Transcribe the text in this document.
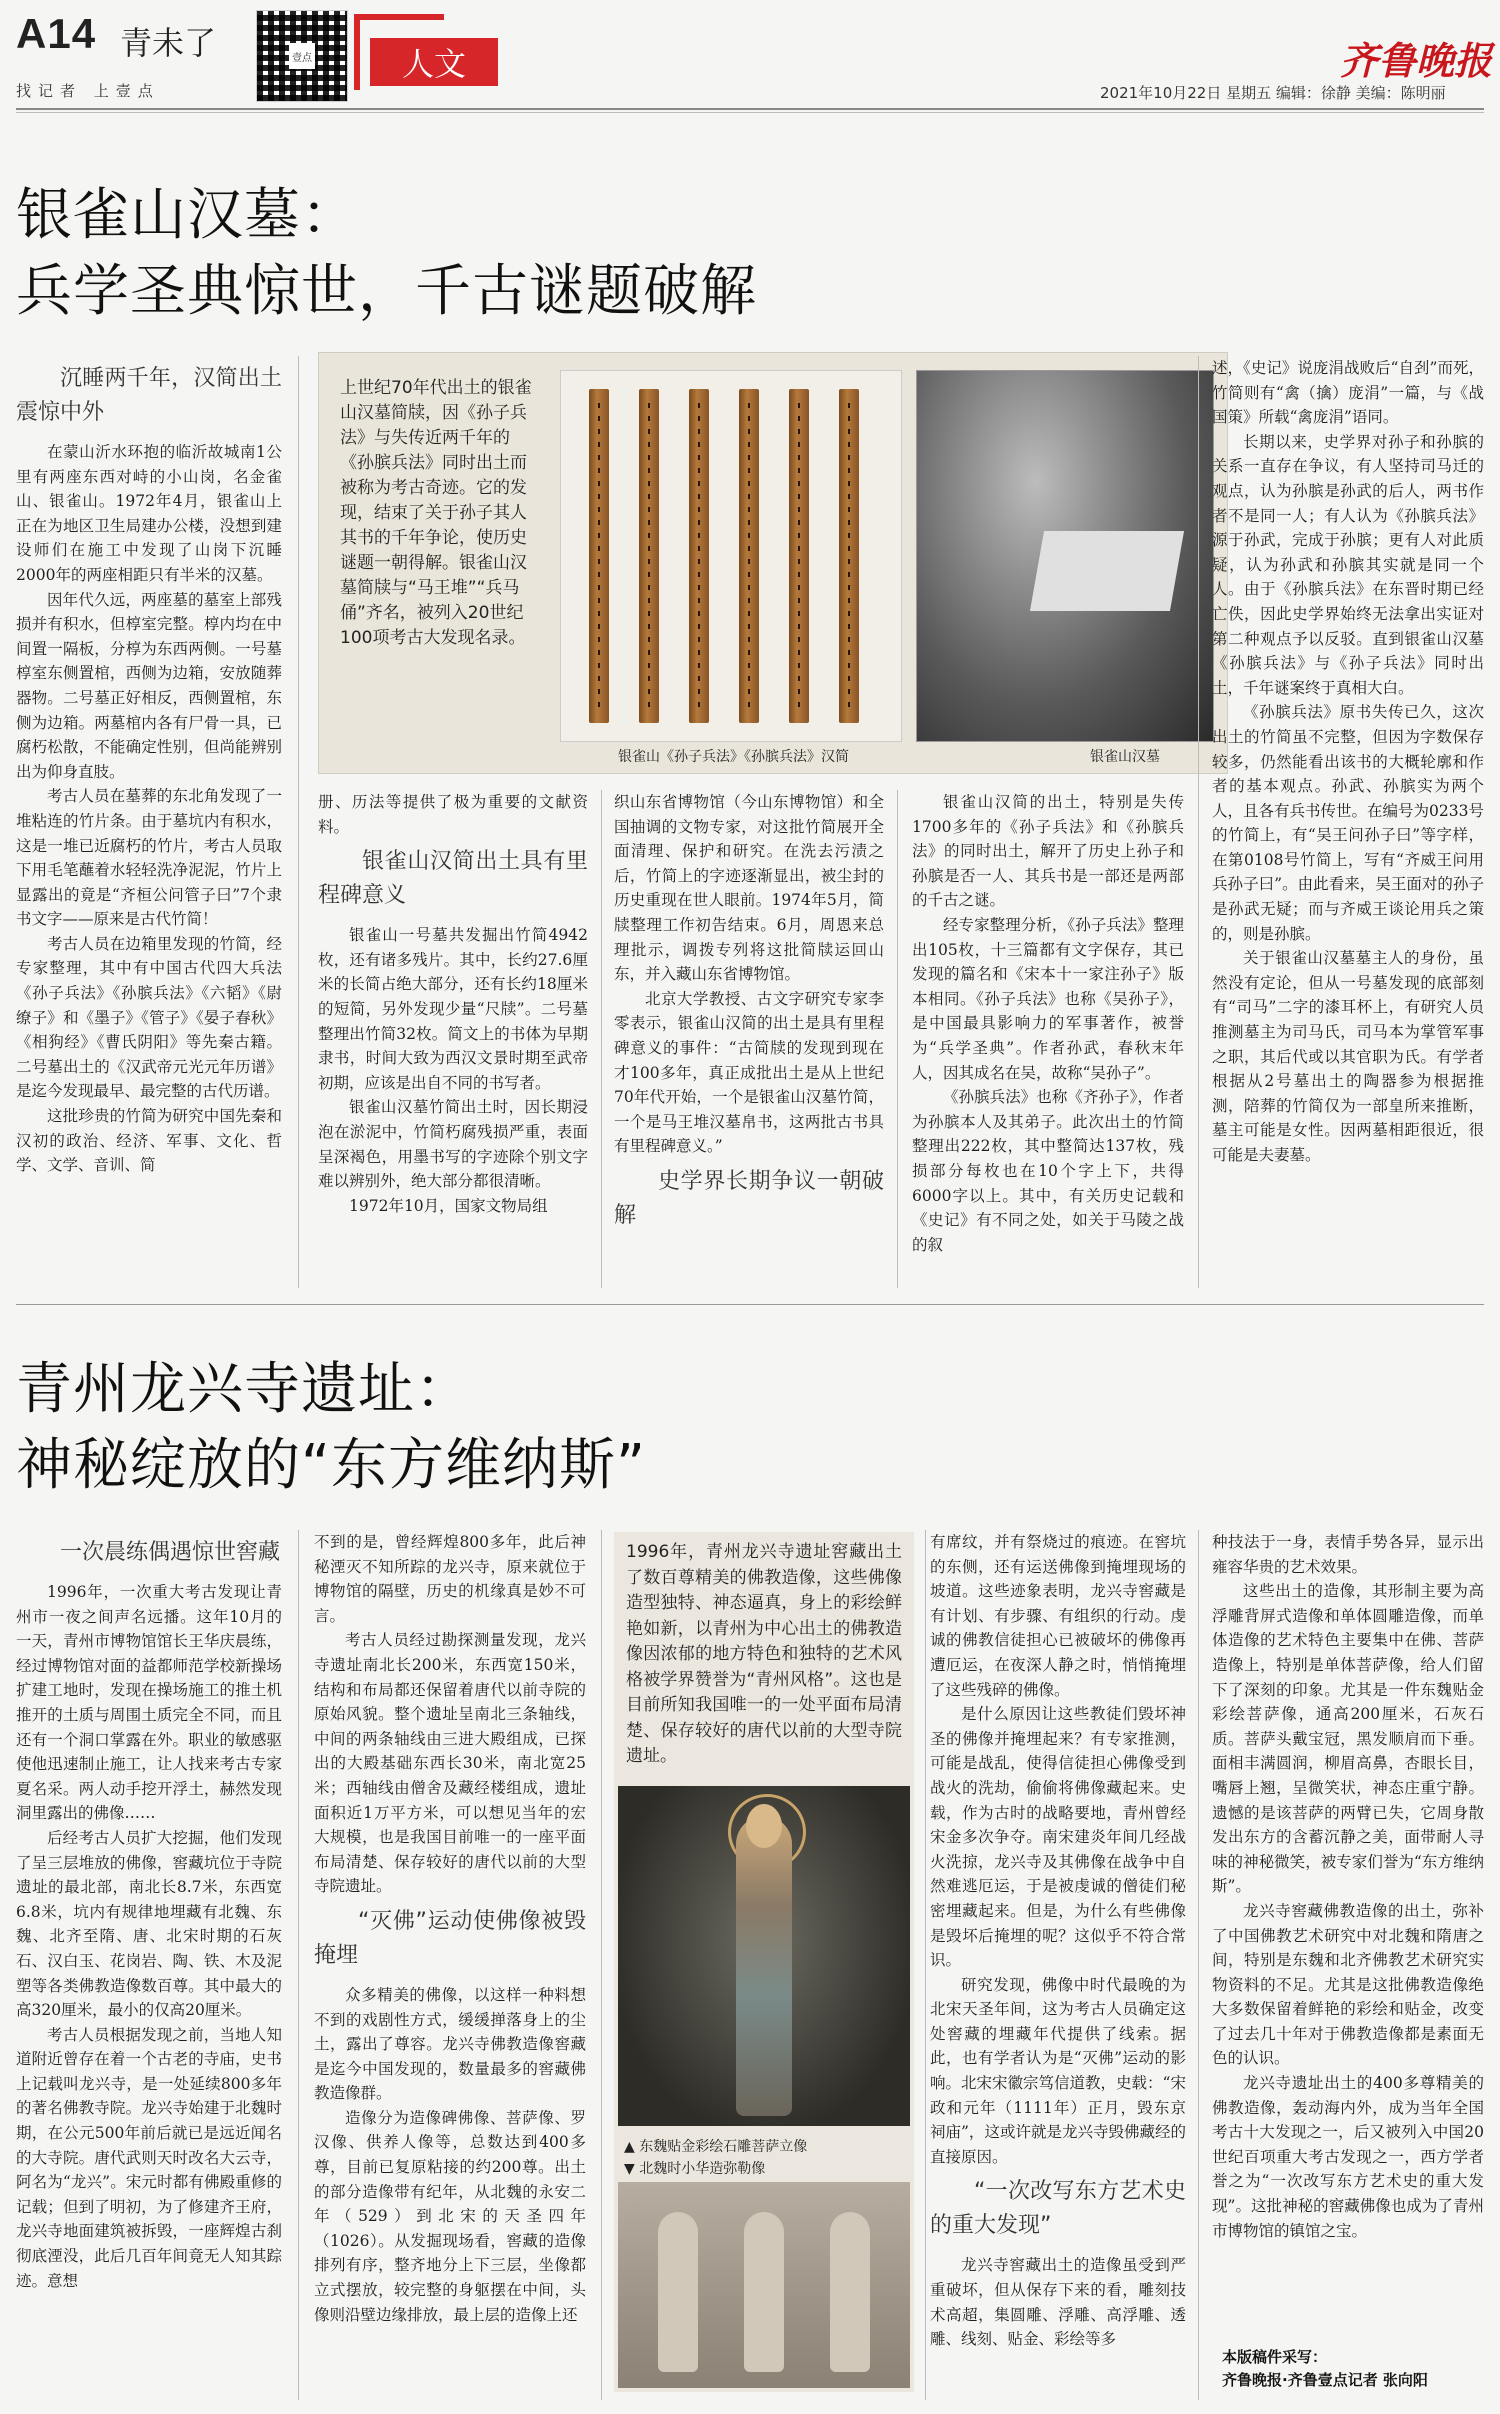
A14 青未了
找记者 上壹点
壹点	人文	齐鲁晚报
2021年10月22日 星期五 编辑：徐静 美编：陈明丽
银雀山汉墓：
兵学圣典惊世，千古谜题破解
沉睡两千年，汉简出土震惊中外

在蒙山沂水环抱的临沂故城南1公里有两座东西对峙的小山岗，名金雀山、银雀山。1972年4月，银雀山上正在为地区卫生局建办公楼，没想到建设师们在施工中发现了山岗下沉睡2000年的两座相距只有半米的汉墓。

因年代久远，两座墓的墓室上部残损并有积水，但椁室完整。椁内均在中间置一隔板，分椁为东西两侧。一号墓椁室东侧置棺，西侧为边箱，安放随葬器物。二号墓正好相反，西侧置棺，东侧为边箱。两墓棺内各有尸骨一具，已腐朽松散，不能确定性别，但尚能辨别出为仰身直肢。

考古人员在墓葬的东北角发现了一堆粘连的竹片条。由于墓坑内有积水，这是一堆已近腐朽的竹片，考古人员取下用毛笔蘸着水轻轻洗净泥泥，竹片上显露出的竟是“齐桓公问管子曰”7个隶书文字——原来是古代竹简！

考古人员在边箱里发现的竹简，经专家整理，其中有中国古代四大兵法《孙子兵法》《孙膑兵法》《六韬》《尉缭子》和《墨子》《管子》《晏子春秋》《相狗经》《曹氏阴阳》等先秦古籍。二号墓出土的《汉武帝元光元年历谱》是迄今发现最早、最完整的古代历谱。

这批珍贵的竹简为研究中国先秦和汉初的政治、经济、军事、文化、哲学、文学、音训、简

上世纪70年代出土的银雀山汉墓简牍，因《孙子兵法》与失传近两千年的《孙膑兵法》同时出土而被称为考古奇迹。它的发现，结束了关于孙子其人其书的千年争论，使历史谜题一朝得解。银雀山汉墓简牍与“马王堆”“兵马俑”齐名，被列入20世纪100项考古大发现名录。
银雀山《孙子兵法》《孙膑兵法》汉简	银雀山汉墓

册、历法等提供了极为重要的文献资料。

银雀山汉简出土具有里程碑意义

银雀山一号墓共发掘出竹简4942枚，还有诸多残片。其中，长约27.6厘米的长简占绝大部分，还有长约18厘米的短简，另外发现少量“尺牍”。二号墓整理出竹简32枚。简文上的书体为早期隶书，时间大致为西汉文景时期至武帝初期，应该是出自不同的书写者。

银雀山汉墓竹简出土时，因长期浸泡在淤泥中，竹简朽腐残损严重，表面呈深褐色，用墨书写的字迹除个别文字难以辨别外，绝大部分都很清晰。

1972年10月，国家文物局组

织山东省博物馆（今山东博物馆）和全国抽调的文物专家，对这批竹简展开全面清理、保护和研究。在洗去污渍之后，竹简上的字迹逐渐显出，被尘封的历史重现在世人眼前。1974年5月，简牍整理工作初告结束。6月，周恩来总理批示，调拨专列将这批简牍运回山东，并入藏山东省博物馆。

北京大学教授、古文字研究专家李零表示，银雀山汉简的出土是具有里程碑意义的事件：“古简牍的发现到现在才100多年，真正成批出土是从上世纪70年代开始，一个是银雀山汉墓竹简，一个是马王堆汉墓帛书，这两批古书具有里程碑意义。”

史学界长期争议一朝破解

银雀山汉简的出土，特别是失传1700多年的《孙子兵法》和《孙膑兵法》的同时出土，解开了历史上孙子和孙膑是否一人、其兵书是一部还是两部的千古之谜。

经专家整理分析，《孙子兵法》整理出105枚，十三篇都有文字保存，其已发现的篇名和《宋本十一家注孙子》版本相同。《孙子兵法》也称《吴孙子》，是中国最具影响力的军事著作，被誉为“兵学圣典”。作者孙武，春秋末年人，因其成名在吴，故称“吴孙子”。

《孙膑兵法》也称《齐孙子》，作者为孙膑本人及其弟子。此次出土的竹简整理出222枚，其中整简达137枚，残损部分每枚也在10个字上下，共得6000字以上。其中，有关历史记载和《史记》有不同之处，如关于马陵之战的叙

述，《史记》说庞涓战败后“自刭”而死，竹简则有“禽（擒）庞涓”一篇，与《战国策》所载“禽庞涓”语同。

长期以来，史学界对孙子和孙膑的关系一直存在争议，有人坚持司马迁的观点，认为孙膑是孙武的后人，两书作者不是同一人；有人认为《孙膑兵法》源于孙武，完成于孙膑；更有人对此质疑，认为孙武和孙膑其实就是同一个人。由于《孙膑兵法》在东晋时期已经亡佚，因此史学界始终无法拿出实证对第二种观点予以反驳。直到银雀山汉墓《孙膑兵法》与《孙子兵法》同时出土，千年谜案终于真相大白。

《孙膑兵法》原书失传已久，这次出土的竹简虽不完整，但因为字数保存较多，仍然能看出该书的大概轮廓和作者的基本观点。孙武、孙膑实为两个人，且各有兵书传世。在编号为0233号的竹简上，有“吴王问孙子曰”等字样，在第0108号竹简上，写有“齐威王问用兵孙子曰”。由此看来，吴王面对的孙子是孙武无疑；而与齐威王谈论用兵之策的，则是孙膑。

关于银雀山汉墓墓主人的身份，虽然没有定论，但从一号墓发现的底部刻有“司马”二字的漆耳杯上，有研究人员推测墓主为司马氏，司马本为掌管军事之职，其后代或以其官职为氏。有学者根据从2号墓出土的陶器参为根据推测，陪葬的竹简仅为一部皇所来推断，墓主可能是女性。因两墓相距很近，很可能是夫妻墓。

青州龙兴寺遗址：
神秘绽放的“东方维纳斯”
一次晨练偶遇惊世窖藏

1996年，一次重大考古发现让青州市一夜之间声名远播。这年10月的一天，青州市博物馆馆长王华庆晨练，经过博物馆对面的益都师范学校新操场扩建工地时，发现在操场施工的推土机推开的土质与周围土质完全不同，而且还有一个洞口掌露在外。职业的敏感驱使他迅速制止施工，让人找来考古专家夏名采。两人动手挖开浮土，赫然发现洞里露出的佛像……

后经考古人员扩大挖掘，他们发现了呈三层堆放的佛像，窖藏坑位于寺院遗址的最北部，南北长8.7米，东西宽6.8米，坑内有规律地埋藏有北魏、东魏、北齐至隋、唐、北宋时期的石灰石、汉白玉、花岗岩、陶、铁、木及泥塑等各类佛教造像数百尊。其中最大的高320厘米，最小的仅高20厘米。

考古人员根据发现之前，当地人知道附近曾存在着一个古老的寺庙，史书上记载叫龙兴寺，是一处延续800多年的著名佛教寺院。龙兴寺始建于北魏时期，在公元500年前后就已是远近闻名的大寺院。唐代武则天时改名大云寺，阿名为“龙兴”。宋元时都有佛殿重修的记载；但到了明初，为了修建齐王府，龙兴寺地面建筑被拆毁，一座辉煌古刹彻底湮没，此后几百年间竟无人知其踪迹。意想

不到的是，曾经辉煌800多年，此后神秘湮灭不知所踪的龙兴寺，原来就位于博物馆的隔壁，历史的机缘真是妙不可言。

考古人员经过勘探测量发现，龙兴寺遗址南北长200米，东西宽150米，结构和布局都还保留着唐代以前寺院的原始风貌。整个遗址呈南北三条轴线，中间的两条轴线由三进大殿组成，已探出的大殿基础东西长30米，南北宽25米；西轴线由僧舍及藏经楼组成，遗址面积近1万平方米，可以想见当年的宏大规模，也是我国目前唯一的一座平面布局清楚、保存较好的唐代以前的大型寺院遗址。

“灭佛”运动使佛像被毁掩埋

众多精美的佛像，以这样一种料想不到的戏剧性方式，缓缓掸落身上的尘土，露出了尊容。龙兴寺佛教造像窖藏是迄今中国发现的，数量最多的窖藏佛教造像群。

造像分为造像碑佛像、菩萨像、罗汉像、供养人像等，总数达到400多尊，目前已复原粘接的约200尊。出土的部分造像带有纪年，从北魏的永安二年（529）到北宋的天圣四年（1026）。从发掘现场看，窖藏的造像排列有序，整齐地分上下三层，坐像都立式摆放，较完整的身躯摆在中间，头像则沿壁边缘排放，最上层的造像上还

1996年，青州龙兴寺遗址窖藏出土了数百尊精美的佛教造像，这些佛像造型独特、神态逼真，身上的彩绘鲜艳如新，以青州为中心出土的佛教造像因浓郁的地方特色和独特的艺术风格被学界赞誉为“青州风格”。这也是目前所知我国唯一的一处平面布局清楚、保存较好的唐代以前的大型寺院遗址。
▲ 东魏贴金彩绘石雕菩萨立像
▼ 北魏时小华造弥勒像

有席纹，并有祭烧过的痕迹。在窖坑的东侧，还有运送佛像到掩埋现场的坡道。这些迹象表明，龙兴寺窖藏是有计划、有步骤、有组织的行动。虔诚的佛教信徒担心已被破坏的佛像再遭厄运，在夜深人静之时，悄悄掩埋了这些残碎的佛像。

是什么原因让这些教徒们毁坏神圣的佛像并掩埋起来？有专家推测，可能是战乱，使得信徒担心佛像受到战火的洗劫，偷偷将佛像藏起来。史载，作为古时的战略要地，青州曾经宋金多次争夺。南宋建炎年间几经战火洗掠，龙兴寺及其佛像在战争中自然难逃厄运，于是被虔诚的僧徒们秘密埋藏起来。但是，为什么有些佛像是毁坏后掩埋的呢？这似乎不符合常识。

研究发现，佛像中时代最晚的为北宋天圣年间，这为考古人员确定这处窖藏的埋藏年代提供了线索。据此，也有学者认为是“灭佛”运动的影响。北宋宋徽宗笃信道教，史载：“宋政和元年（1111年）正月，毁东京祠庙”，这或许就是龙兴寺毁佛藏经的直接原因。

“一次改写东方艺术史的重大发现”

龙兴寺窖藏出土的造像虽受到严重破坏，但从保存下来的看，雕刻技术高超，集圆雕、浮雕、高浮雕、透雕、线刻、贴金、彩绘等多

种技法于一身，表情手势各异，显示出雍容华贵的艺术效果。

这些出土的造像，其形制主要为高浮雕背屏式造像和单体圆雕造像，而单体造像的艺术特色主要集中在佛、菩萨造像上，特别是单体菩萨像，给人们留下了深刻的印象。尤其是一件东魏贴金彩绘菩萨像，通高200厘米，石灰石质。菩萨头戴宝冠，黑发顺肩而下垂。面相丰满圆润，柳眉高鼻，杏眼长目，嘴唇上翘，呈微笑状，神态庄重宁静。遗憾的是该菩萨的两臂已失，它周身散发出东方的含蓄沉静之美，面带耐人寻味的神秘微笑，被专家们誉为“东方维纳斯”。

龙兴寺窖藏佛教造像的出土，弥补了中国佛教艺术研究中对北魏和隋唐之间，特别是东魏和北齐佛教艺术研究实物资料的不足。尤其是这批佛教造像绝大多数保留着鲜艳的彩绘和贴金，改变了过去几十年对于佛教造像都是素面无色的认识。

龙兴寺遗址出土的400多尊精美的佛教造像，轰动海内外，成为当年全国考古十大发现之一，后又被列入中国20世纪百项重大考古发现之一，西方学者誉之为“一次改写东方艺术史的重大发现”。这批神秘的窖藏佛像也成为了青州市博物馆的镇馆之宝。

本版稿件采写：
齐鲁晚报·齐鲁壹点记者 张向阳
